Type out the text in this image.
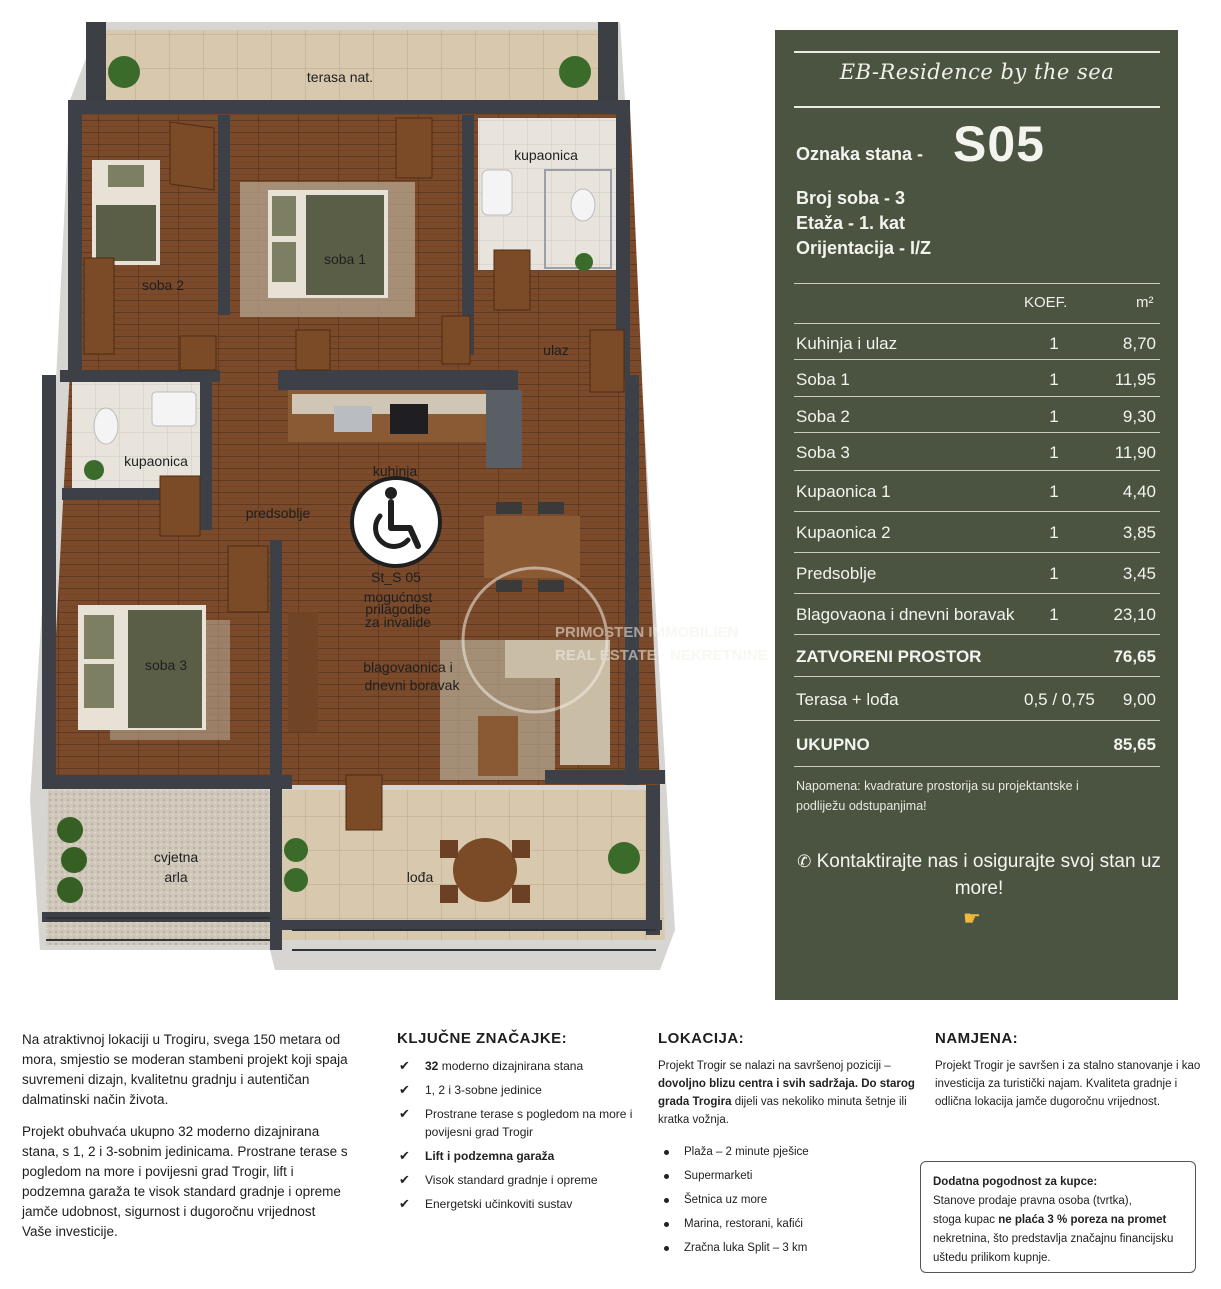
PRIMOSTEN IMMOBILIEN
REAL ESTATE · NEKRETNINE
St_S 05
mogućnost
prilagodbe
za invalide
terasa nat.
kupaonica
soba 1
soba 2
ulaz
kupaonica
kuhinja
predsoblje
soba 3	blagovaonica i
dnevni boravak
cvjetna
arla	lođa
EB-Residence by the sea
Oznaka stana - S05
Broj soba - 3
Etaža - 1. kat
Orijentacija - I/Z
KOEF.	m²
Kuhinja i ulaz	1	8,70
Soba 1	1	11,95
Soba 2	1	9,30
Soba 3	1	11,90
Kupaonica 1	1	4,40
Kupaonica 2	1	3,85
Predsoblje	1	3,45
Blagovaona i dnevni boravak	1	23,10
ZATVORENI PROSTOR	76,65
Terasa + lođa	0,5 / 0,75 9,00
UKUPNO	85,65
Napomena: kvadrature prostorija su projektantske i
podliježu odstupanjima!
✆ Kontaktirajte nas i osigurajte svoj stan uz
more!
☛
Na atraktivnoj lokaciji u Trogiru, svega 150 metara od
mora, smjestio se moderan stambeni projekt koji spaja
suvremeni dizajn, kvalitetnu gradnju i autentičan
dalmatinski način života.
Projekt obuhvaća ukupno 32 moderno dizajnirana
stana, s 1, 2 i 3-sobnim jedinicama. Prostrane terase s
pogledom na more i povijesni grad Trogir, lift i
podzemna garaža te visok standard gradnje i opreme
jamče udobnost, sigurnost i dugoročnu vrijednost
Vaše investicije.
KLJUČNE ZNAČAJKE:
✔ 32 moderno dizajnirana stana
✔ 1, 2 i 3-sobne jedinice
✔ Prostrane terase s pogledom na more i
povijesni grad Trogir
✔ Lift i podzemna garaža
✔ Visok standard gradnje i opreme
✔ Energetski učinkoviti sustav
LOKACIJA:
Projekt Trogir se nalazi na savršenoj poziciji –
dovoljno blizu centra i svih sadržaja. Do starog
grada Trogira dijeli vas nekoliko minuta šetnje ili
kratka vožnja.
Plaža – 2 minute pješice
Supermarketi
Šetnica uz more
Marina, restorani, kafići
Zračna luka Split – 3 km
NAMJENA:
Projekt Trogir je savršen i za stalno stanovanje i kao
investicija za turistički najam. Kvaliteta gradnje i
odlična lokacija jamče dugoročnu vrijednost.
Dodatna pogodnost za kupce:
Stanove prodaje pravna osoba (tvrtka),
stoga kupac ne plaća 3 % poreza na promet
nekretnina, što predstavlja značajnu financijsku
uštedu prilikom kupnje.
